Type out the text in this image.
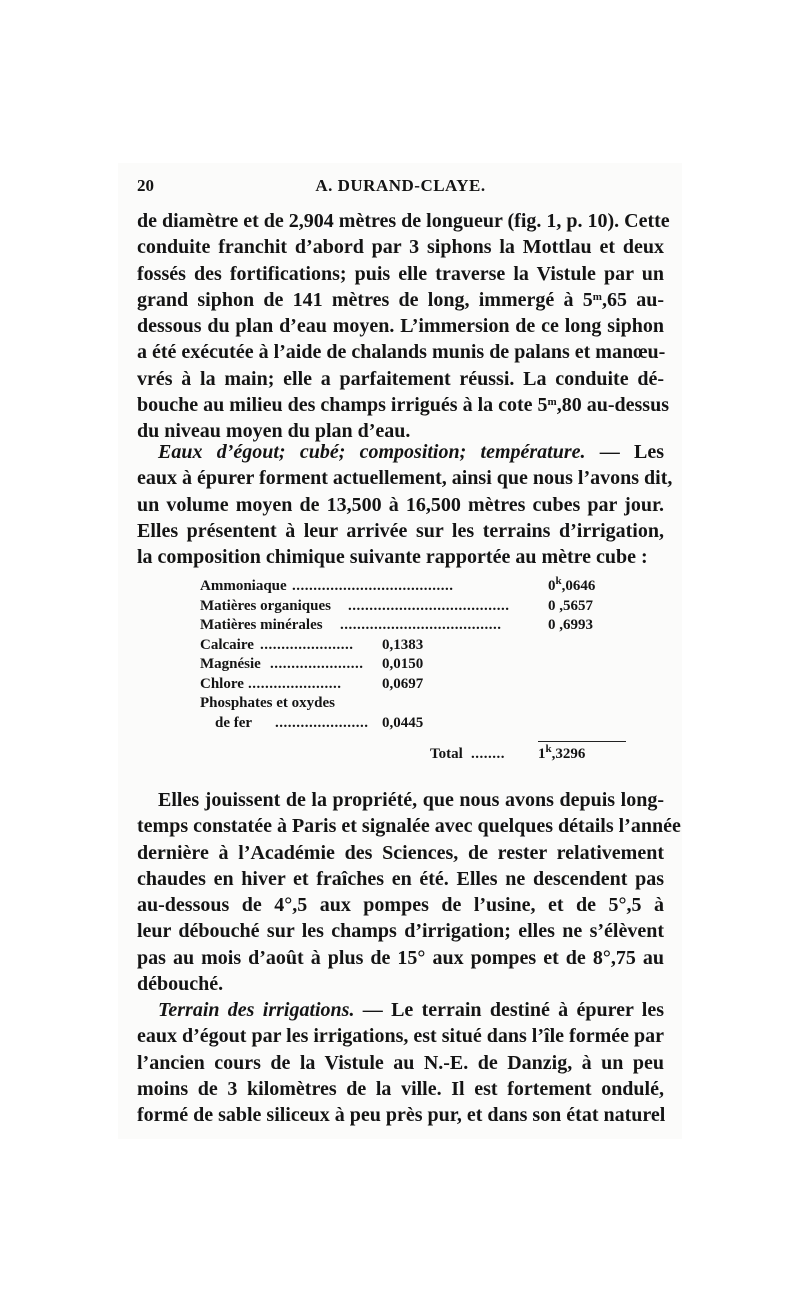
20	A. DURAND-CLAYE.
de diamètre et de 2,904 mètres de longueur (fig. 1, p. 10). Cette
conduite franchit d’abord par 3 siphons la Mottlau et deux
fossés des fortifications; puis elle traverse la Vistule par un
grand siphon de 141 mètres de long, immergé à 5$^m$,65 au-
dessous du plan d’eau moyen. L’immersion de ce long siphon
a été exécutée à l’aide de chalands munis de palans et manœu-
vrés à la main; elle a parfaitement réussi. La conduite dé-
bouche au milieu des champs irrigués à la cote 5$^m$,80 au-dessus
du niveau moyen du plan d’eau.
Eaux d’égout; cubé; composition; température. — Les
eaux à épurer forment actuellement, ainsi que nous l’avons dit,
un volume moyen de 13,500 à 16,500 mètres cubes par jour.
Elles présentent à leur arrivée sur les terrains d’irrigation,
la composition chimique suivante rapportée au mètre cube :
Ammoniaque ......................................	0$^k$,0646
Matières organiques ......................................	0 ,5657
Matières minérales ......................................	0 ,6993
Calcaire ......................	0,1383
Magnésie ......................	0,0150
Chlore ......................	0,0697
Phosphates et oxydes
de fer ...................... 0,0445
Total ........	1$^k$,3296
Elles jouissent de la propriété, que nous avons depuis long-
temps constatée à Paris et signalée avec quelques détails l’année
dernière à l’Académie des Sciences, de rester relativement
chaudes en hiver et fraîches en été. Elles ne descendent pas
au-dessous de 4°,5 aux pompes de l’usine, et de 5°,5 à
leur débouché sur les champs d’irrigation; elles ne s’élèvent
pas au mois d’août à plus de 15° aux pompes et de 8°,75 au
débouché.
Terrain des irrigations. — Le terrain destiné à épurer les
eaux d’égout par les irrigations, est situé dans l’île formée par
l’ancien cours de la Vistule au N.-E. de Danzig, à un peu
moins de 3 kilomètres de la ville. Il est fortement ondulé,
formé de sable siliceux à peu près pur, et dans son état naturel
